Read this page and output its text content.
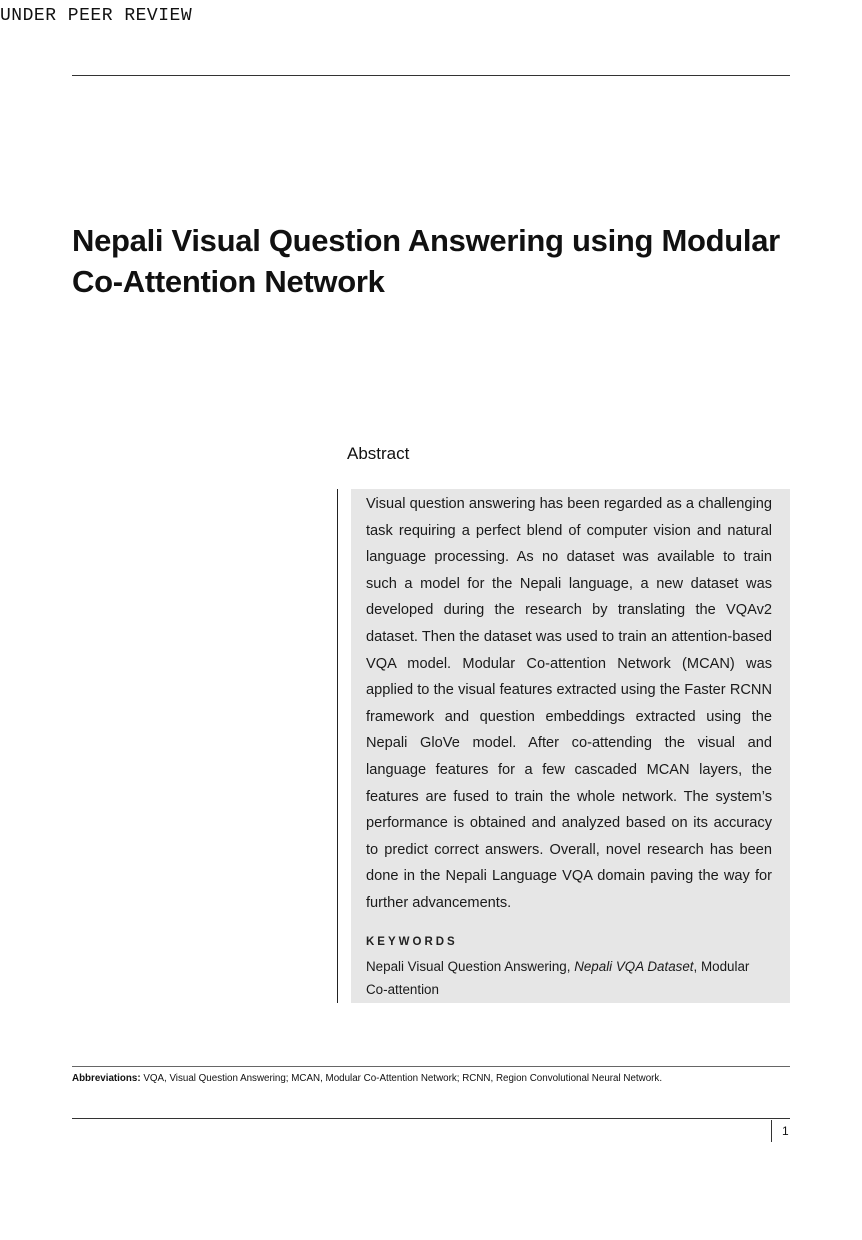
UNDER PEER REVIEW
Nepali Visual Question Answering using Modular
Co-Attention Network
Abstract
Visual question answering has been regarded as a challenging task requiring a perfect blend of computer vision and natural language processing. As no dataset was available to train such a model for the Nepali language, a new dataset was developed during the research by translating the VQAv2 dataset. Then the dataset was used to train an attention-based VQA model. Modular Co-attention Network (MCAN) was applied to the visual features extracted using the Faster RCNN framework and question embeddings extracted using the Nepali GloVe model. After co-attending the visual and language features for a few cascaded MCAN layers, the features are fused to train the whole network. The system’s performance is obtained and analyzed based on its accuracy to predict correct answers. Overall, novel research has been done in the Nepali Language VQA domain paving the way for further advancements.
KEYWORDS
Nepali Visual Question Answering, Nepali VQA Dataset, Modular Co-attention
Abbreviations: VQA, Visual Question Answering; MCAN, Modular Co-Attention Network; RCNN, Region Convolutional Neural Network.
1
